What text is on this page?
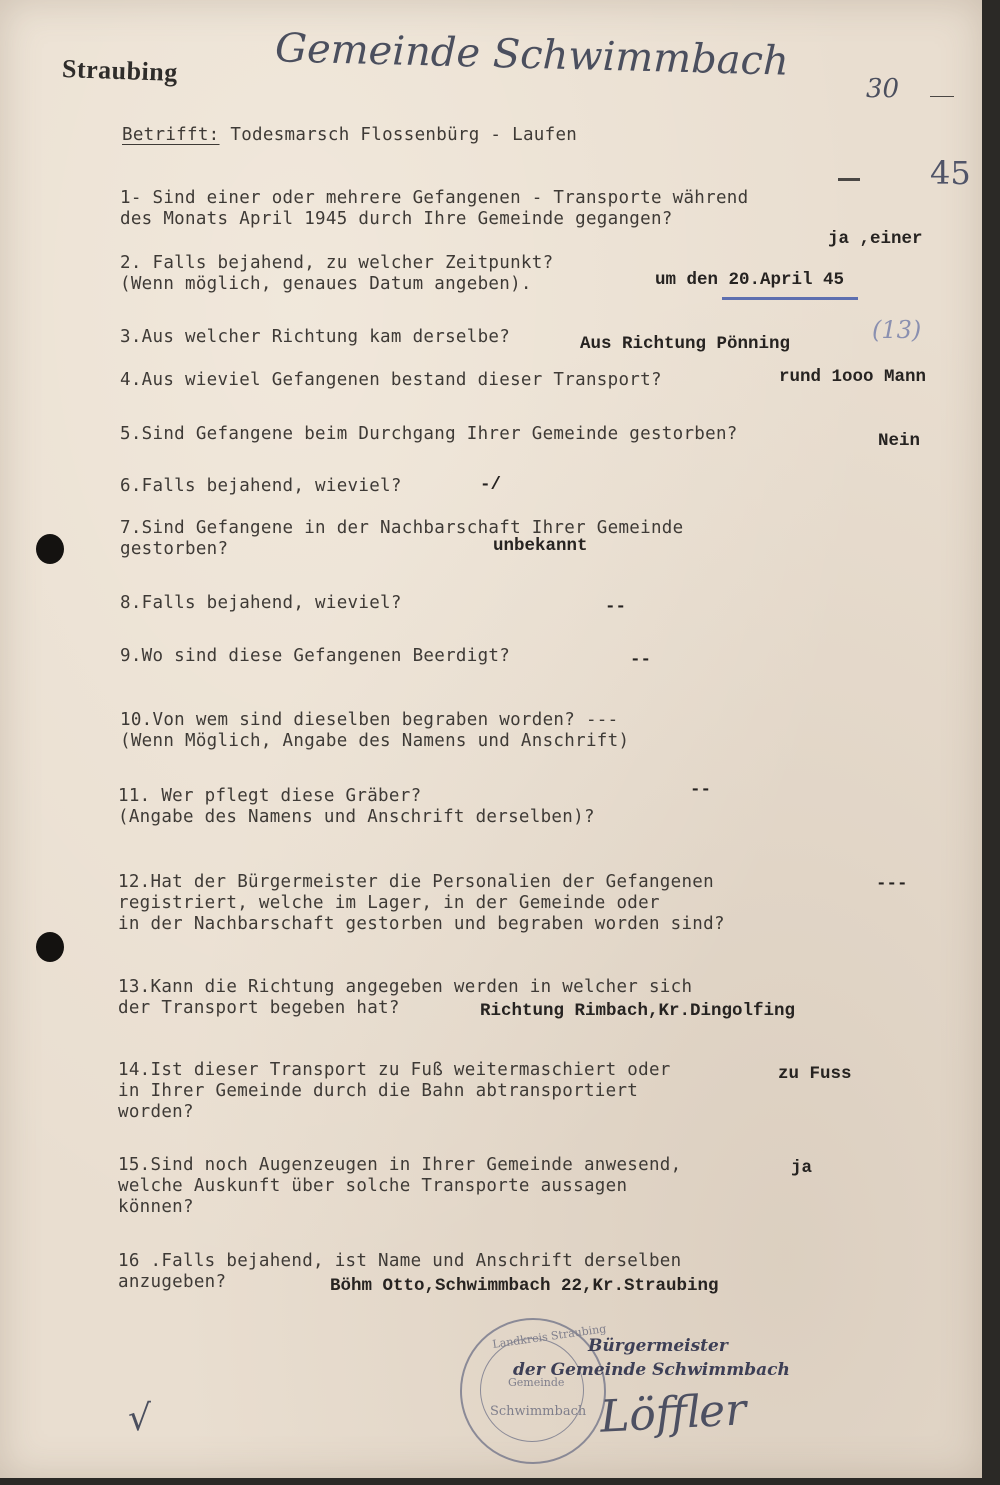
Straubing Gemeinde Schwimmbach
30
45
Betrifft: Todesmarsch Flossenbürg - Laufen
1- Sind einer oder mehrere Gefangenen - Transporte während
des Monats April 1945 durch Ihre Gemeinde gegangen?
ja ,einer
2. Falls bejahend, zu welcher Zeitpunkt?
(Wenn möglich, genaues Datum angeben).	um den 20.April 45
3.Aus welcher Richtung kam derselbe?	Aus Richtung Pönning	(13)
4.Aus wieviel Gefangenen bestand dieser Transport?	rund 1ooo Mann
5.Sind Gefangene beim Durchgang Ihrer Gemeinde gestorben?	Nein
6.Falls bejahend, wieviel?	-/
7.Sind Gefangene in der Nachbarschaft Ihrer Gemeinde
gestorben?	unbekannt
8.Falls bejahend, wieviel?	--
9.Wo sind diese Gefangenen Beerdigt?	--
10.Von wem sind dieselben begraben worden? ---
(Wenn Möglich, Angabe des Namens und Anschrift)
11. Wer pflegt diese Gräber?
(Angabe des Namens und Anschrift derselben)?
--
12.Hat der Bürgermeister die Personalien der Gefangenen
registriert, welche im Lager, in der Gemeinde oder
in der Nachbarschaft gestorben und begraben worden sind?
---
13.Kann die Richtung angegeben werden in welcher sich
der Transport begeben hat?	Richtung Rimbach,Kr.Dingolfing
14.Ist dieser Transport zu Fuß weitermaschiert oder
in Ihrer Gemeinde durch die Bahn abtransportiert
worden?
zu Fuss
15.Sind noch Augenzeugen in Ihrer Gemeinde anwesend,
welche Auskunft über solche Transporte aussagen
können?
ja
16 .Falls bejahend, ist Name und Anschrift derselben
anzugeben?	Böhm Otto,Schwimmbach 22,Kr.Straubing
Landkreis Straubing
Gemeinde
Schwimmbach
Bürgermeister
der Gemeinde Schwimmbach
Löffler
√
